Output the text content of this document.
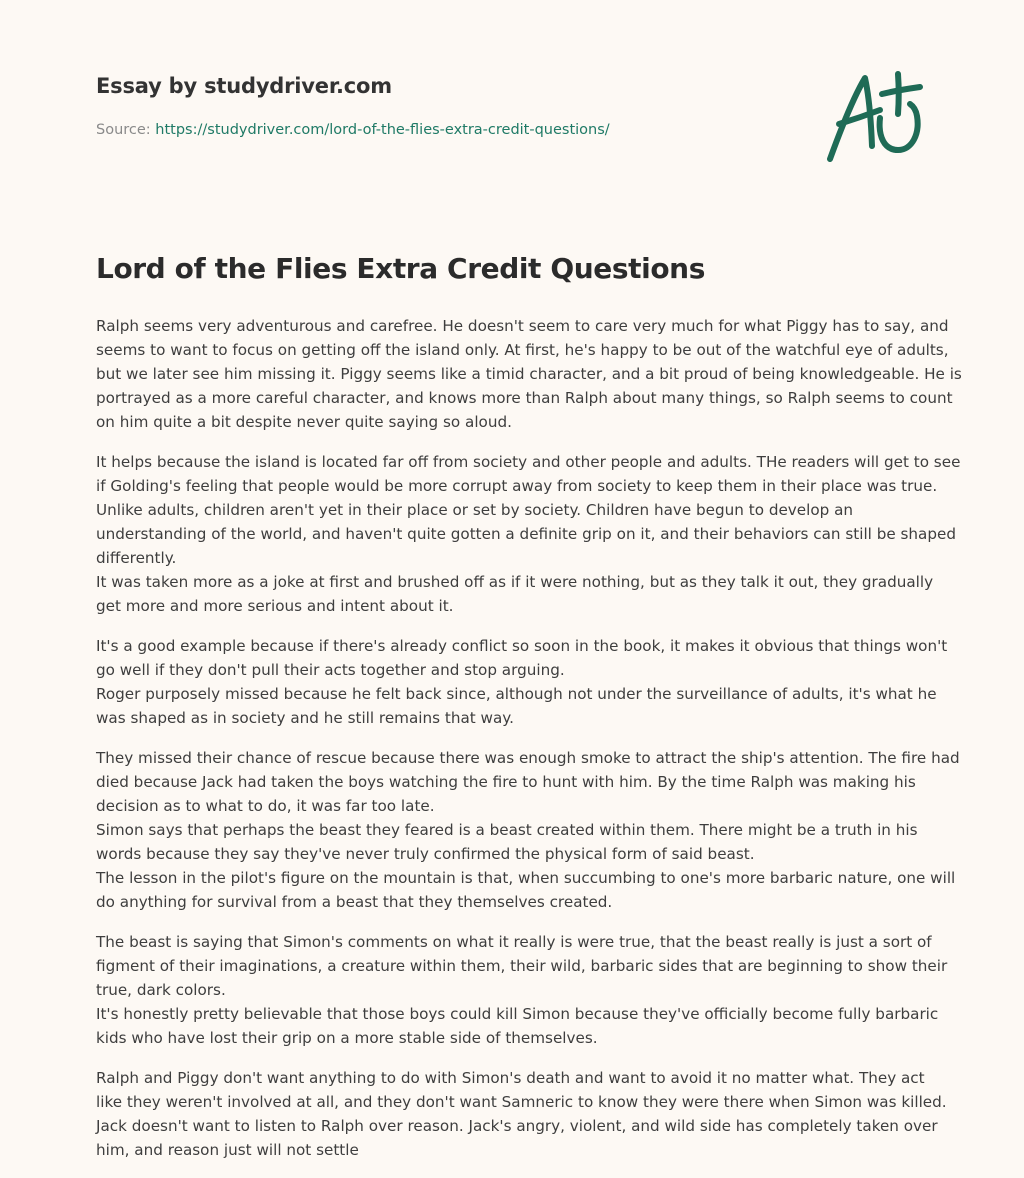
Essay by studydriver.com
Source: https://studydriver.com/lord-of-the-flies-extra-credit-questions/
Lord of the Flies Extra Credit Questions
Ralph seems very adventurous and carefree. He doesn't seem to care very much for what Piggy has to say, and
seems to want to focus on getting off the island only. At first, he's happy to be out of the watchful eye of adults,
but we later see him missing it. Piggy seems like a timid character, and a bit proud of being knowledgeable. He is
portrayed as a more careful character, and knows more than Ralph about many things, so Ralph seems to count
on him quite a bit despite never quite saying so aloud.
It helps because the island is located far off from society and other people and adults. THe readers will get to see
if Golding's feeling that people would be more corrupt away from society to keep them in their place was true.
Unlike adults, children aren't yet in their place or set by society. Children have begun to develop an
understanding of the world, and haven't quite gotten a definite grip on it, and their behaviors can still be shaped
differently.
It was taken more as a joke at first and brushed off as if it were nothing, but as they talk it out, they gradually
get more and more serious and intent about it.
It's a good example because if there's already conflict so soon in the book, it makes it obvious that things won't
go well if they don't pull their acts together and stop arguing.
Roger purposely missed because he felt back since, although not under the surveillance of adults, it's what he
was shaped as in society and he still remains that way.
They missed their chance of rescue because there was enough smoke to attract the ship's attention. The fire had
died because Jack had taken the boys watching the fire to hunt with him. By the time Ralph was making his
decision as to what to do, it was far too late.
Simon says that perhaps the beast they feared is a beast created within them. There might be a truth in his
words because they say they've never truly confirmed the physical form of said beast.
The lesson in the pilot's figure on the mountain is that, when succumbing to one's more barbaric nature, one will
do anything for survival from a beast that they themselves created.
The beast is saying that Simon's comments on what it really is were true, that the beast really is just a sort of
figment of their imaginations, a creature within them, their wild, barbaric sides that are beginning to show their
true, dark colors.
It's honestly pretty believable that those boys could kill Simon because they've officially become fully barbaric
kids who have lost their grip on a more stable side of themselves.
Ralph and Piggy don't want anything to do with Simon's death and want to avoid it no matter what. They act
like they weren't involved at all, and they don't want Samneric to know they were there when Simon was killed.
Jack doesn't want to listen to Ralph over reason. Jack's angry, violent, and wild side has completely taken over
him, and reason just will not settle
